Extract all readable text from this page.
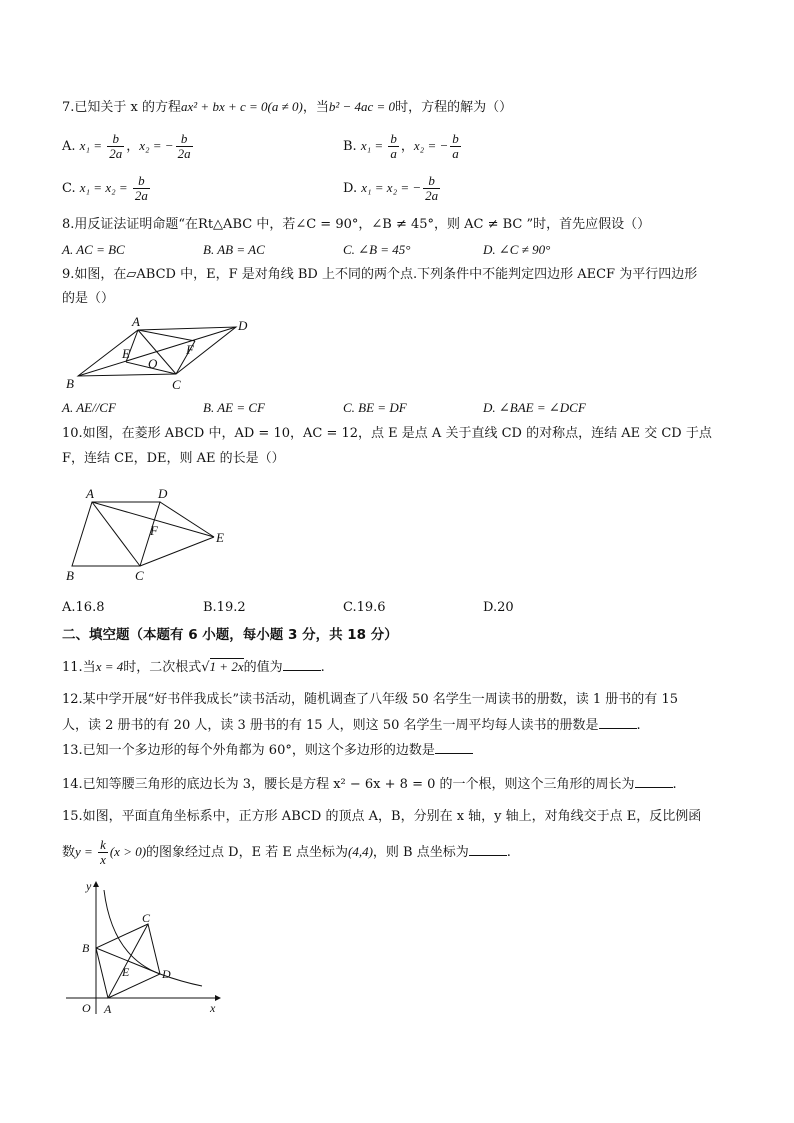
7.已知关于 x 的方程ax² + bx + c = 0(a ≠ 0)，当b² − 4ac = 0时，方程的解为（）
A. $x_1 = \frac{b}{2a}$ ，x₂ = − $\frac{b}{2a}$	B. $x_1 = \frac{b}{a}$ ，x₂ = − $\frac{b}{a}$
C. $x_1 = x_2 = \frac{b}{2a}$	D. x₁ = x₂ = − $\frac{b}{2a}$
8.用反证法证明命题“在Rt△ABC 中，若∠C = 90°，∠B ≠ 45°，则 AC ≠ BC ”时，首先应假设（）
A. AC = BC	B. AB = AC	C. ∠B = 45°	D. ∠C ≠ 90°
9.如图，在▱ABCD 中，E，F 是对角线 BD 上不同的两个点.下列条件中不能判定四边形 AECF 为平行四边形
的是（）
A
B	C
D
E	F
O
A. AE//CF	B. AE = CF	C. BE = DF	D. ∠BAE = ∠DCF
10.如图，在菱形 ABCD 中，AD = 10，AC = 12，点 E 是点 A 关于直线 CD 的对称点，连结 AE 交 CD 于点
F，连结 CE，DE，则 AE 的长是（）
A
B	C
D
E
F
A.16.8	B.19.2	C.19.6	D.20
二、填空题（本题有 6 小题，每小题 3 分，共 18 分）
11.当x = 4时，二次根式√1 + 2x的值为	.
12.某中学开展“好书伴我成长”读书活动，随机调查了八年级 50 名学生一周读书的册数，读 1 册书的有 15
人，读 2 册书的有 20 人，读 3 册书的有 15 人，则这 50 名学生一周平均每人读书的册数是	.
13.已知一个多边形的每个外角都为 60°，则这个多边形的边数是
14.已知等腰三角形的底边长为 3，腰长是方程 x² − 6x + 8 = 0 的一个根，则这个三角形的周长为	.
15.如图，平面直角坐标系中，正方形 ABCD 的顶点 A，B，分别在 x 轴，y 轴上，对角线交于点 E，反比例函
数$y = \frac{k}{x} (x > 0)$的图象经过点 D，E 若 E 点坐标为(4,4)，则 B 点坐标为	.
y
x
O A
B
C
D
E
